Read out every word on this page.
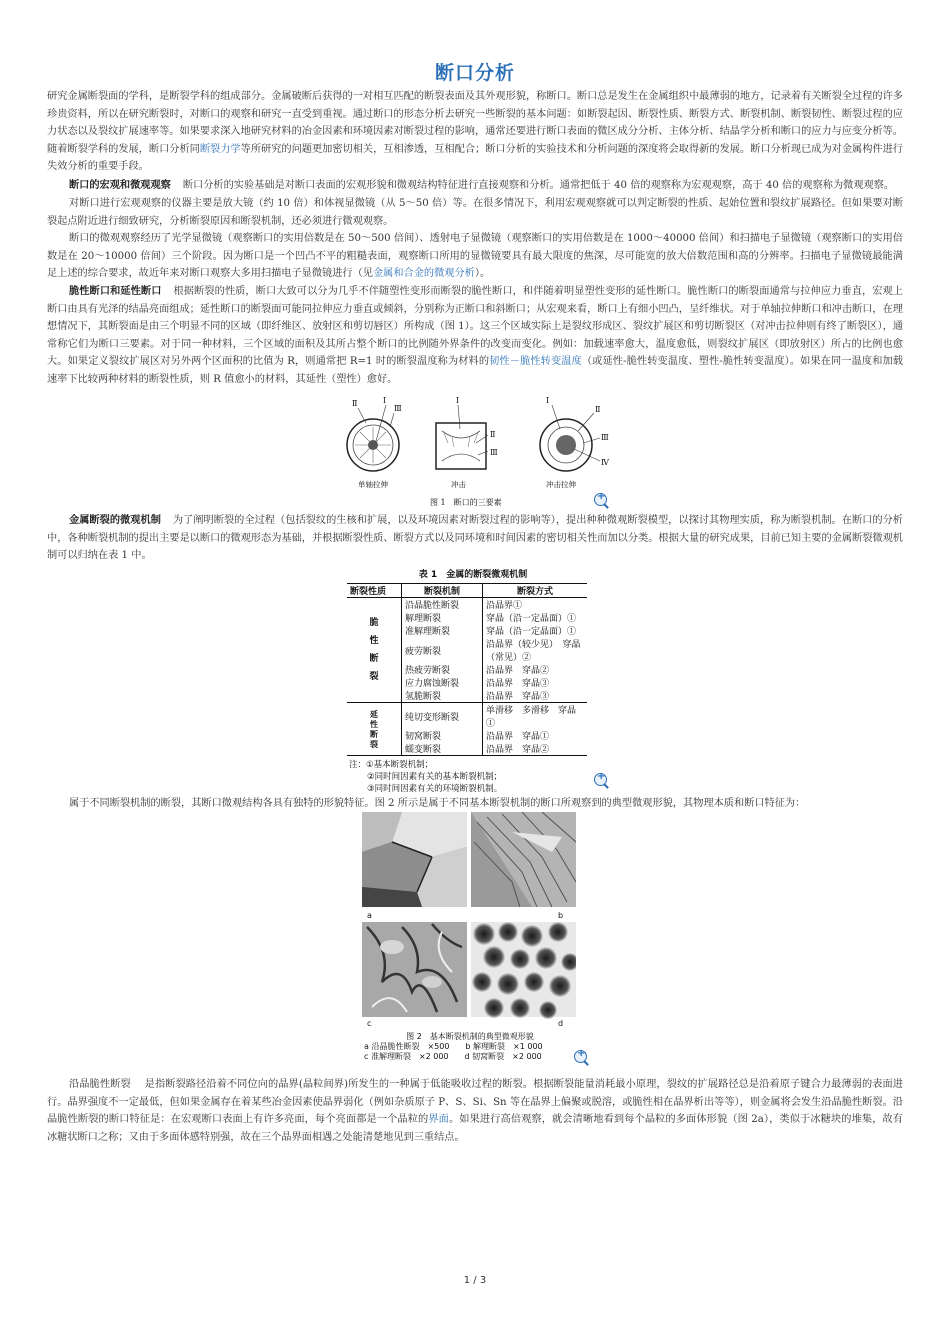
断口分析

研究金属断裂面的学科，是断裂学科的组成部分。金属破断后获得的一对相互匹配的断裂表面及其外观形貌，称断口。断口总是发生在金属组织中最薄弱的地方，记录着有关断裂全过程的许多珍贵资料，所以在研究断裂时，对断口的观察和研究一直受到重视。通过断口的形态分析去研究一些断裂的基本问题：如断裂起因、断裂性质、断裂方式、断裂机制、断裂韧性、断裂过程的应力状态以及裂纹扩展速率等。如果要求深入地研究材料的冶金因素和环境因素对断裂过程的影响，通常还要进行断口表面的微区成分分析、主体分析、结晶学分析和断口的应力与应变分析等。随着断裂学科的发展，断口分析同断裂力学等所研究的问题更加密切相关，互相渗透，互相配合；断口分析的实验技术和分析问题的深度将会取得新的发展。断口分析现已成为对金属构件进行失效分析的重要手段。

断口的宏观和微观观察 断口分析的实验基础是对断口表面的宏观形貌和微观结构特征进行直接观察和分析。通常把低于 40 倍的观察称为宏观观察，高于 40 倍的观察称为微观观察。

对断口进行宏观观察的仪器主要是放大镜（约 10 倍）和体视显微镜（从 5～50 倍）等。在很多情况下，利用宏观观察就可以判定断裂的性质、起始位置和裂纹扩展路径。但如果要对断裂起点附近进行细致研究，分析断裂原因和断裂机制，还必须进行微观观察。

断口的微观观察经历了光学显微镜（观察断口的实用倍数是在 50～500 倍间）、透射电子显微镜（观察断口的实用倍数是在 1000～40000 倍间）和扫描电子显微镜（观察断口的实用倍数是在 20～10000 倍间）三个阶段。因为断口是一个凹凸不平的粗糙表面，观察断口所用的显微镜要具有最大限度的焦深，尽可能宽的放大倍数范围和高的分辨率。扫描电子显微镜最能满足上述的综合要求，故近年来对断口观察大多用扫描电子显微镜进行（见金属和合金的微观分析）。

脆性断口和延性断口 根据断裂的性质，断口大致可以分为几乎不伴随塑性变形而断裂的脆性断口，和伴随着明显塑性变形的延性断口。脆性断口的断裂面通常与拉伸应力垂直，宏观上断口由具有光泽的结晶亮面组成；延性断口的断裂面可能同拉伸应力垂直或倾斜，分别称为正断口和斜断口；从宏观来看，断口上有细小凹凸，呈纤维状。对于单轴拉伸断口和冲击断口，在理想情况下，其断裂面是由三个明显不同的区域（即纤维区、放射区和剪切唇区）所构成（图 1）。这三个区域实际上是裂纹形成区、裂纹扩展区和剪切断裂区（对冲击拉伸则有终了断裂区），通常称它们为断口三要素。对于同一种材料，三个区域的面积及其所占整个断口的比例随外界条件的改变而变化。例如：加载速率愈大，温度愈低，则裂纹扩展区（即放射区）所占的比例也愈大。如果定义裂纹扩展区对另外两个区面积的比值为 R，则通常把 R=1 时的断裂温度称为材料的韧性－脆性转变温度（或延性-脆性转变温度、塑性-脆性转变温度）。如果在同一温度和加载速率下比较两种材料的断裂性质，则 R 值愈小的材料，其延性（塑性）愈好。

Ⅱ	Ⅰ
Ⅲ
单轴拉伸
Ⅰ
Ⅱ
Ⅲ
冲击
Ⅰ
Ⅱ
Ⅲ
Ⅳ
冲击拉伸
图 1　断口的三要素
+

金属断裂的微观机制 为了阐明断裂的全过程（包括裂纹的生核和扩展，以及环境因素对断裂过程的影响等），提出种种微观断裂模型，以探讨其物理实质，称为断裂机制。在断口的分析中，各种断裂机制的提出主要是以断口的微观形态为基础，并根据断裂性质、断裂方式以及同环境和时间因素的密切相关性而加以分类。根据大量的研究成果，目前已知主要的金属断裂微观机制可以归纳在表 1 中。

表 1　金属的断裂微观机制
断裂性质	断裂机制	断裂方式
脆
性
断
裂	沿晶脆性断裂	沿晶界①
	解理断裂	穿晶（沿一定晶面）①
	准解理断裂	穿晶（沿一定晶面）①
	疲劳断裂	沿晶界（较少见）　穿晶（常见）②
	热疲劳断裂	沿晶界　穿晶②
	应力腐蚀断裂	沿晶界　穿晶③
	氢脆断裂	沿晶界　穿晶③
延
性
断
裂	纯切变形断裂	单滑移　多滑移　穿晶①
	韧窝断裂	沿晶界　穿晶①
	蠕变断裂	沿晶界　穿晶②
注：①基本断裂机制；
②同时间因素有关的基本断裂机制；
③同时间因素有关的环境断裂机制。
+

属于不同断裂机制的断裂，其断口微观结构各具有独特的形貌特征。图 2 所示是属于不同基本断裂机制的断口所观察到的典型微观形貌，其物理本质和断口特征为：

a	b
c	d
图 2　基本断裂机制的典型微观形貌
a 沿晶脆性断裂　×500　　b 解理断裂　×1 000
c 准解理断裂　×2 000　　d 韧窝断裂　×2 000
+

沿晶脆性断裂 是指断裂路径沿着不同位向的晶界(晶粒间界)所发生的一种属于低能吸收过程的断裂。根据断裂能量消耗最小原理，裂纹的扩展路径总是沿着原子键合力最薄弱的表面进行。晶界强度不一定最低，但如果金属存在着某些冶金因素使晶界弱化（例如杂质原子 P、S、Si、Sn 等在晶界上偏聚或脱溶，或脆性相在晶界析出等等），则金属将会发生沿晶脆性断裂。沿晶脆性断裂的断口特征是：在宏观断口表面上有许多亮面，每个亮面都是一个晶粒的界面。如果进行高倍观察，就会清晰地看到每个晶粒的多面体形貌（图 2a），类似于冰糖块的堆集，故有冰糖状断口之称；又由于多面体感特别强，故在三个晶界面相遇之处能清楚地见到三重结点。

1 / 3
